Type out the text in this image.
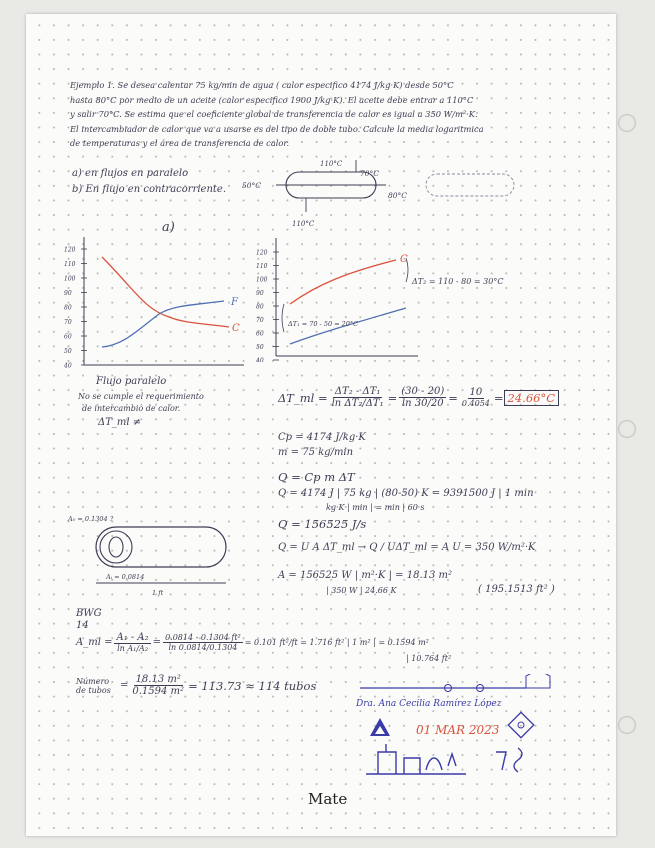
Ejemplo 1. Se desea calentar 75 kg/min de agua ( calor especifico 4174 J/kg·K) desde 50°C
hasta 80°C por medio de un aceite (calor especifico 1900 J/kg·K). El aceite debe entrar a 110°C
y salir 70°C. Se estima que el coeficiente global de transferencia de calor es igual a 350 W/m²·K.
El intercambiador de calor que va a usarse es del tipo de doble tubo. Calcule la media logaritmica
de temperaturas y el área de transferencia de calor.
a) en flujos en paralelo
b) En flujo en contracorriente. 50°C
110°C
70°C
80°C
110°C
120
110
100
90
80
70
60
50
40
a)
F
C
Flujo paralelo
No se cumple el requerimiento
de intercambio de calor.
ΔT_ml ≠
120
110
100
90
80
70
60
50
40
C
ΔT₂ = 110 - 80 = 30°C
ΔT₁ = 70 - 50 = 20°C
ΔT_ml = $\frac{\text{ΔT₂ - ΔT₁}}{\text{ln ΔT₂/ΔT₁}} = \frac{(30 - 20)}{\ln 30/20} = \frac{10}{0.4054} = 24.66^\circ C$
Cp = 4174 J/kg·K
m = 75 kg/min
Q = Cp m ΔT
Q = 4174 J | 75 kg | (80-50) K = 9391500 J | 1 min
kg·K | min | = min | 60 s
Q = 156525 J/s
Q = U A ΔT_ml → Q / UΔT_ml = A U = 350 W/m²·K
A = 156525 W | m²·K | = 18.13 m²
| 350 W | 24.66 K	( 195.1513 ft² )
A₀ = 0.1304 ?
Aᵢ = 0.0814
1 ft
BWG
14
A_ml = $\frac{\text{A₁ - A₂}}{\text{ln A₁/A₂}} = \frac{\text{0.0814 - 0.1304 ft²}}{\ln 0.0814/0.1304} = 0.101$ ft²/ft = 1.716 ft² | 1 m² | = 0.1594 m²
| 10.764 ft²
Número de tubos = $\frac{\text{18.13 m²}}{\text{0.1594 m²}} = 113.73 \approx 114$ tubos
Dra. Ana Cecilia Ramírez López
01 MAR 2023
Mate
